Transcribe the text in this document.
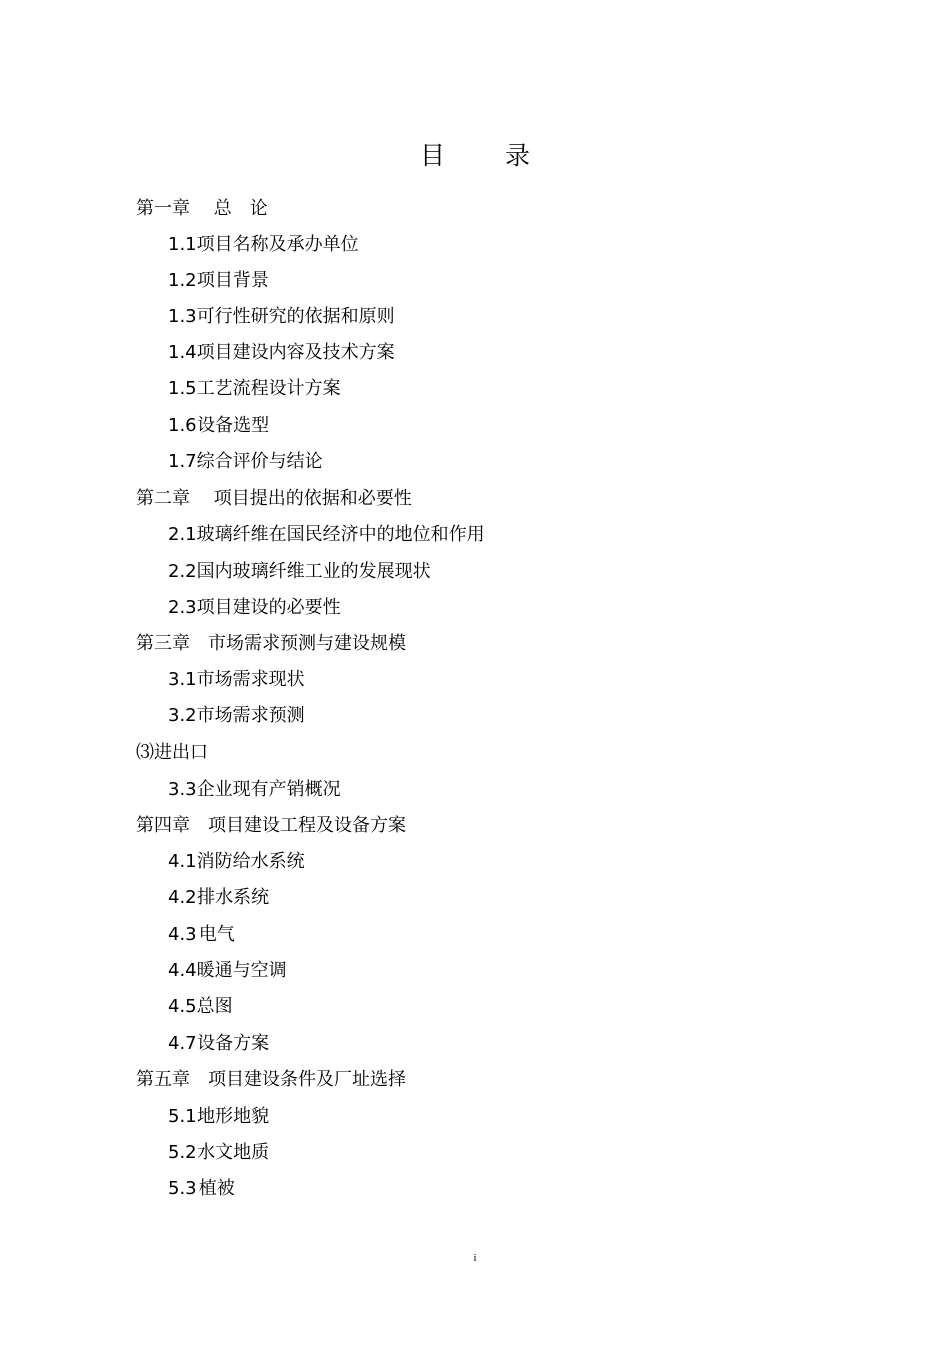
目 录
第一章　 总　论
1.1 项目名称及承办单位
1.2 项目背景
1.3 可行性研究的依据和原则
1.4 项目建设内容及技术方案
1.5 工艺流程设计方案
1.6 设备选型
1.7 综合评价与结论
第二章　 项目提出的依据和必要性
2.1 玻璃纤维在国民经济中的地位和作用
2.2 国内玻璃纤维工业的发展现状
2.3 项目建设的必要性
第三章　市场需求预测与建设规模
3.1 市场需求现状
3.2 市场需求预测
⑶进出口
3.3 企业现有产销概况
第四章　项目建设工程及设备方案
4.1 消防给水系统
4.2 排水系统
4.3 电气
4.4 暖通与空调
4.5 总图
4.7 设备方案
第五章　项目建设条件及厂址选择
5.1 地形地貌
5.2 水文地质
5.3 植被
i
